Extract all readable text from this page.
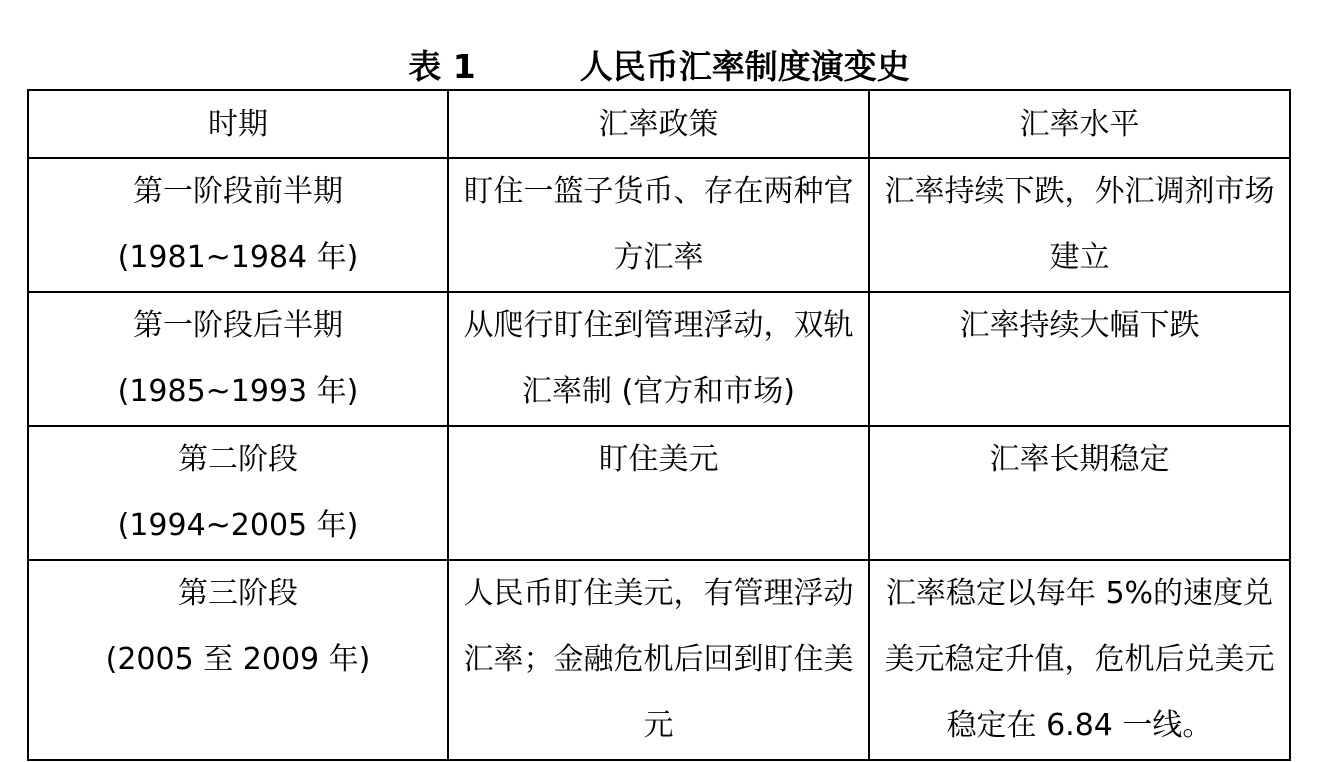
表 1	人民币汇率制度演变史
时期	汇率政策	汇率水平

第一阶段前半期
(1981~1984 年)	盯住一篮子货币、存在两种官方汇率	汇率持续下跌，外汇调剂市场建立

第一阶段后半期
(1985~1993 年)	从爬行盯住到管理浮动，双轨汇率制 (官方和市场)	汇率持续大幅下跌

第二阶段
(1994~2005 年)	盯住美元	汇率长期稳定

第三阶段
(2005 至 2009 年)	人民币盯住美元，有管理浮动汇率；金融危机后回到盯住美元	汇率稳定以每年 5%的速度兑美元稳定升值，危机后兑美元稳定在 6.84 一线。
